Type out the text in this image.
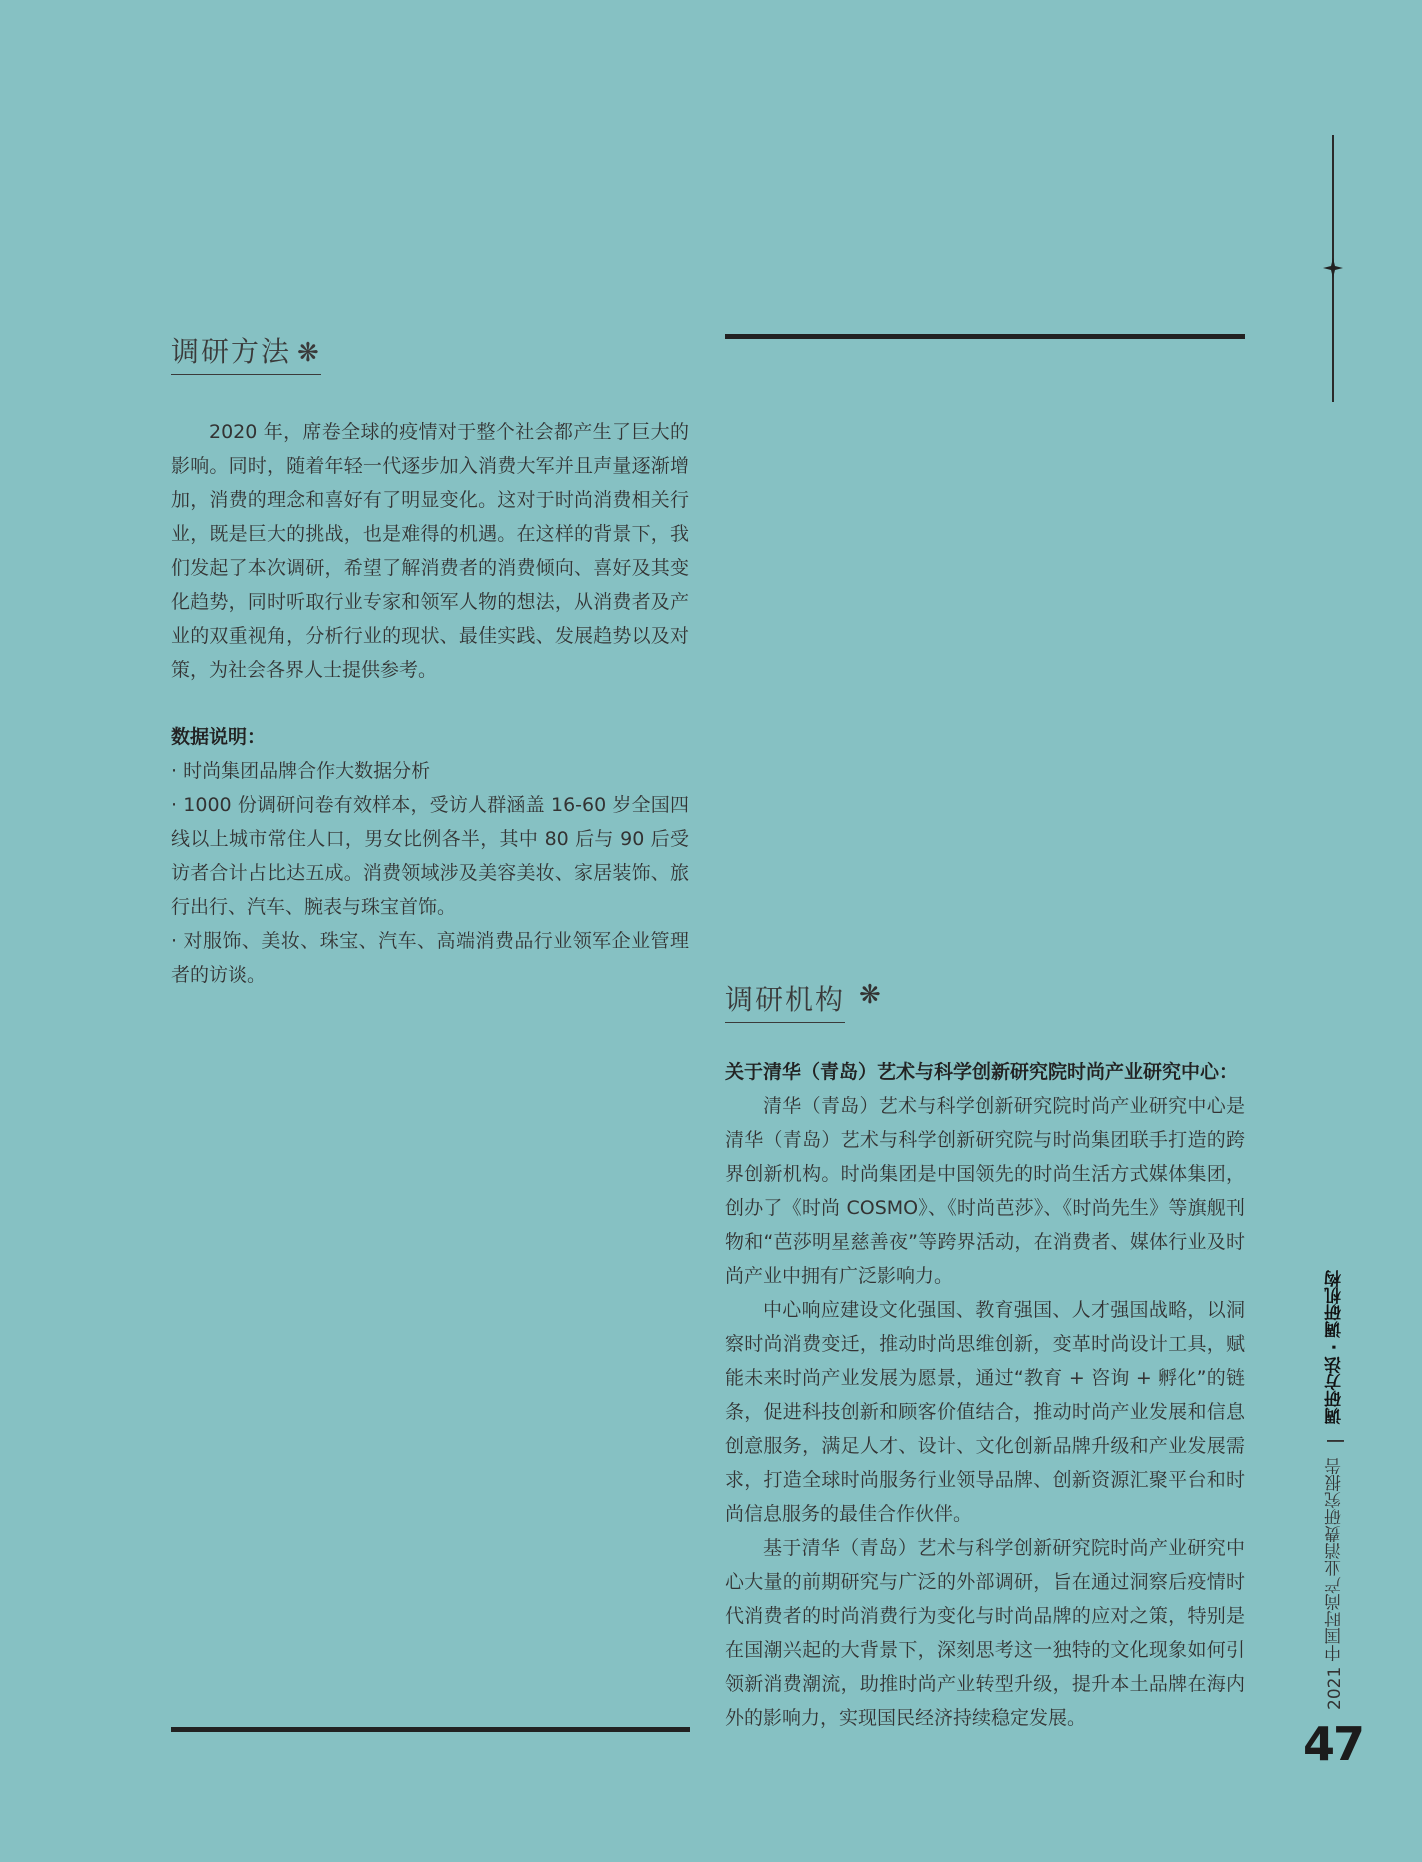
调研方法 ❋

2020 年，席卷全球的疫情对于整个社会都产生了巨大的影响。同时，随着年轻一代逐步加入消费大军并且声量逐渐增加，消费的理念和喜好有了明显变化。这对于时尚消费相关行业，既是巨大的挑战，也是难得的机遇。在这样的背景下，我们发起了本次调研，希望了解消费者的消费倾向、喜好及其变化趋势，同时听取行业专家和领军人物的想法，从消费者及产业的双重视角，分析行业的现状、最佳实践、发展趋势以及对策，为社会各界人士提供参考。

数据说明：

· 时尚集团品牌合作大数据分析

· 1000 份调研问卷有效样本，受访人群涵盖 16-60 岁全国四线以上城市常住人口，男女比例各半，其中 80 后与 90 后受访者合计占比达五成。消费领域涉及美容美妆、家居装饰、旅行出行、汽车、腕表与珠宝首饰。

· 对服饰、美妆、珠宝、汽车、高端消费品行业领军企业管理者的访谈。

调研机构 ❋

关于清华（青岛）艺术与科学创新研究院时尚产业研究中心：

清华（青岛）艺术与科学创新研究院时尚产业研究中心是清华（青岛）艺术与科学创新研究院与时尚集团联手打造的跨界创新机构。时尚集团是中国领先的时尚生活方式媒体集团，创办了《时尚 COSMO》、《时尚芭莎》、《时尚先生》等旗舰刊物和“芭莎明星慈善夜”等跨界活动，在消费者、媒体行业及时尚产业中拥有广泛影响力。

中心响应建设文化强国、教育强国、人才强国战略，以洞察时尚消费变迁，推动时尚思维创新，变革时尚设计工具，赋能未来时尚产业发展为愿景，通过“教育 + 咨询 + 孵化”的链条，促进科技创新和顾客价值结合，推动时尚产业发展和信息创意服务，满足人才、设计、文化创新品牌升级和产业发展需求，打造全球时尚服务行业领导品牌、创新资源汇聚平台和时尚信息服务的最佳合作伙伴。

基于清华（青岛）艺术与科学创新研究院时尚产业研究中心大量的前期研究与广泛的外部调研，旨在通过洞察后疫情时代消费者的时尚消费行为变化与时尚品牌的应对之策，特别是在国潮兴起的大背景下，深刻思考这一独特的文化现象如何引领新消费潮流，助推时尚产业转型升级，提升本土品牌在海内外的影响力，实现国民经济持续稳定发展。

2021 中国时尚产业消费研究报告 | 调研方法 · 调研机构
47
